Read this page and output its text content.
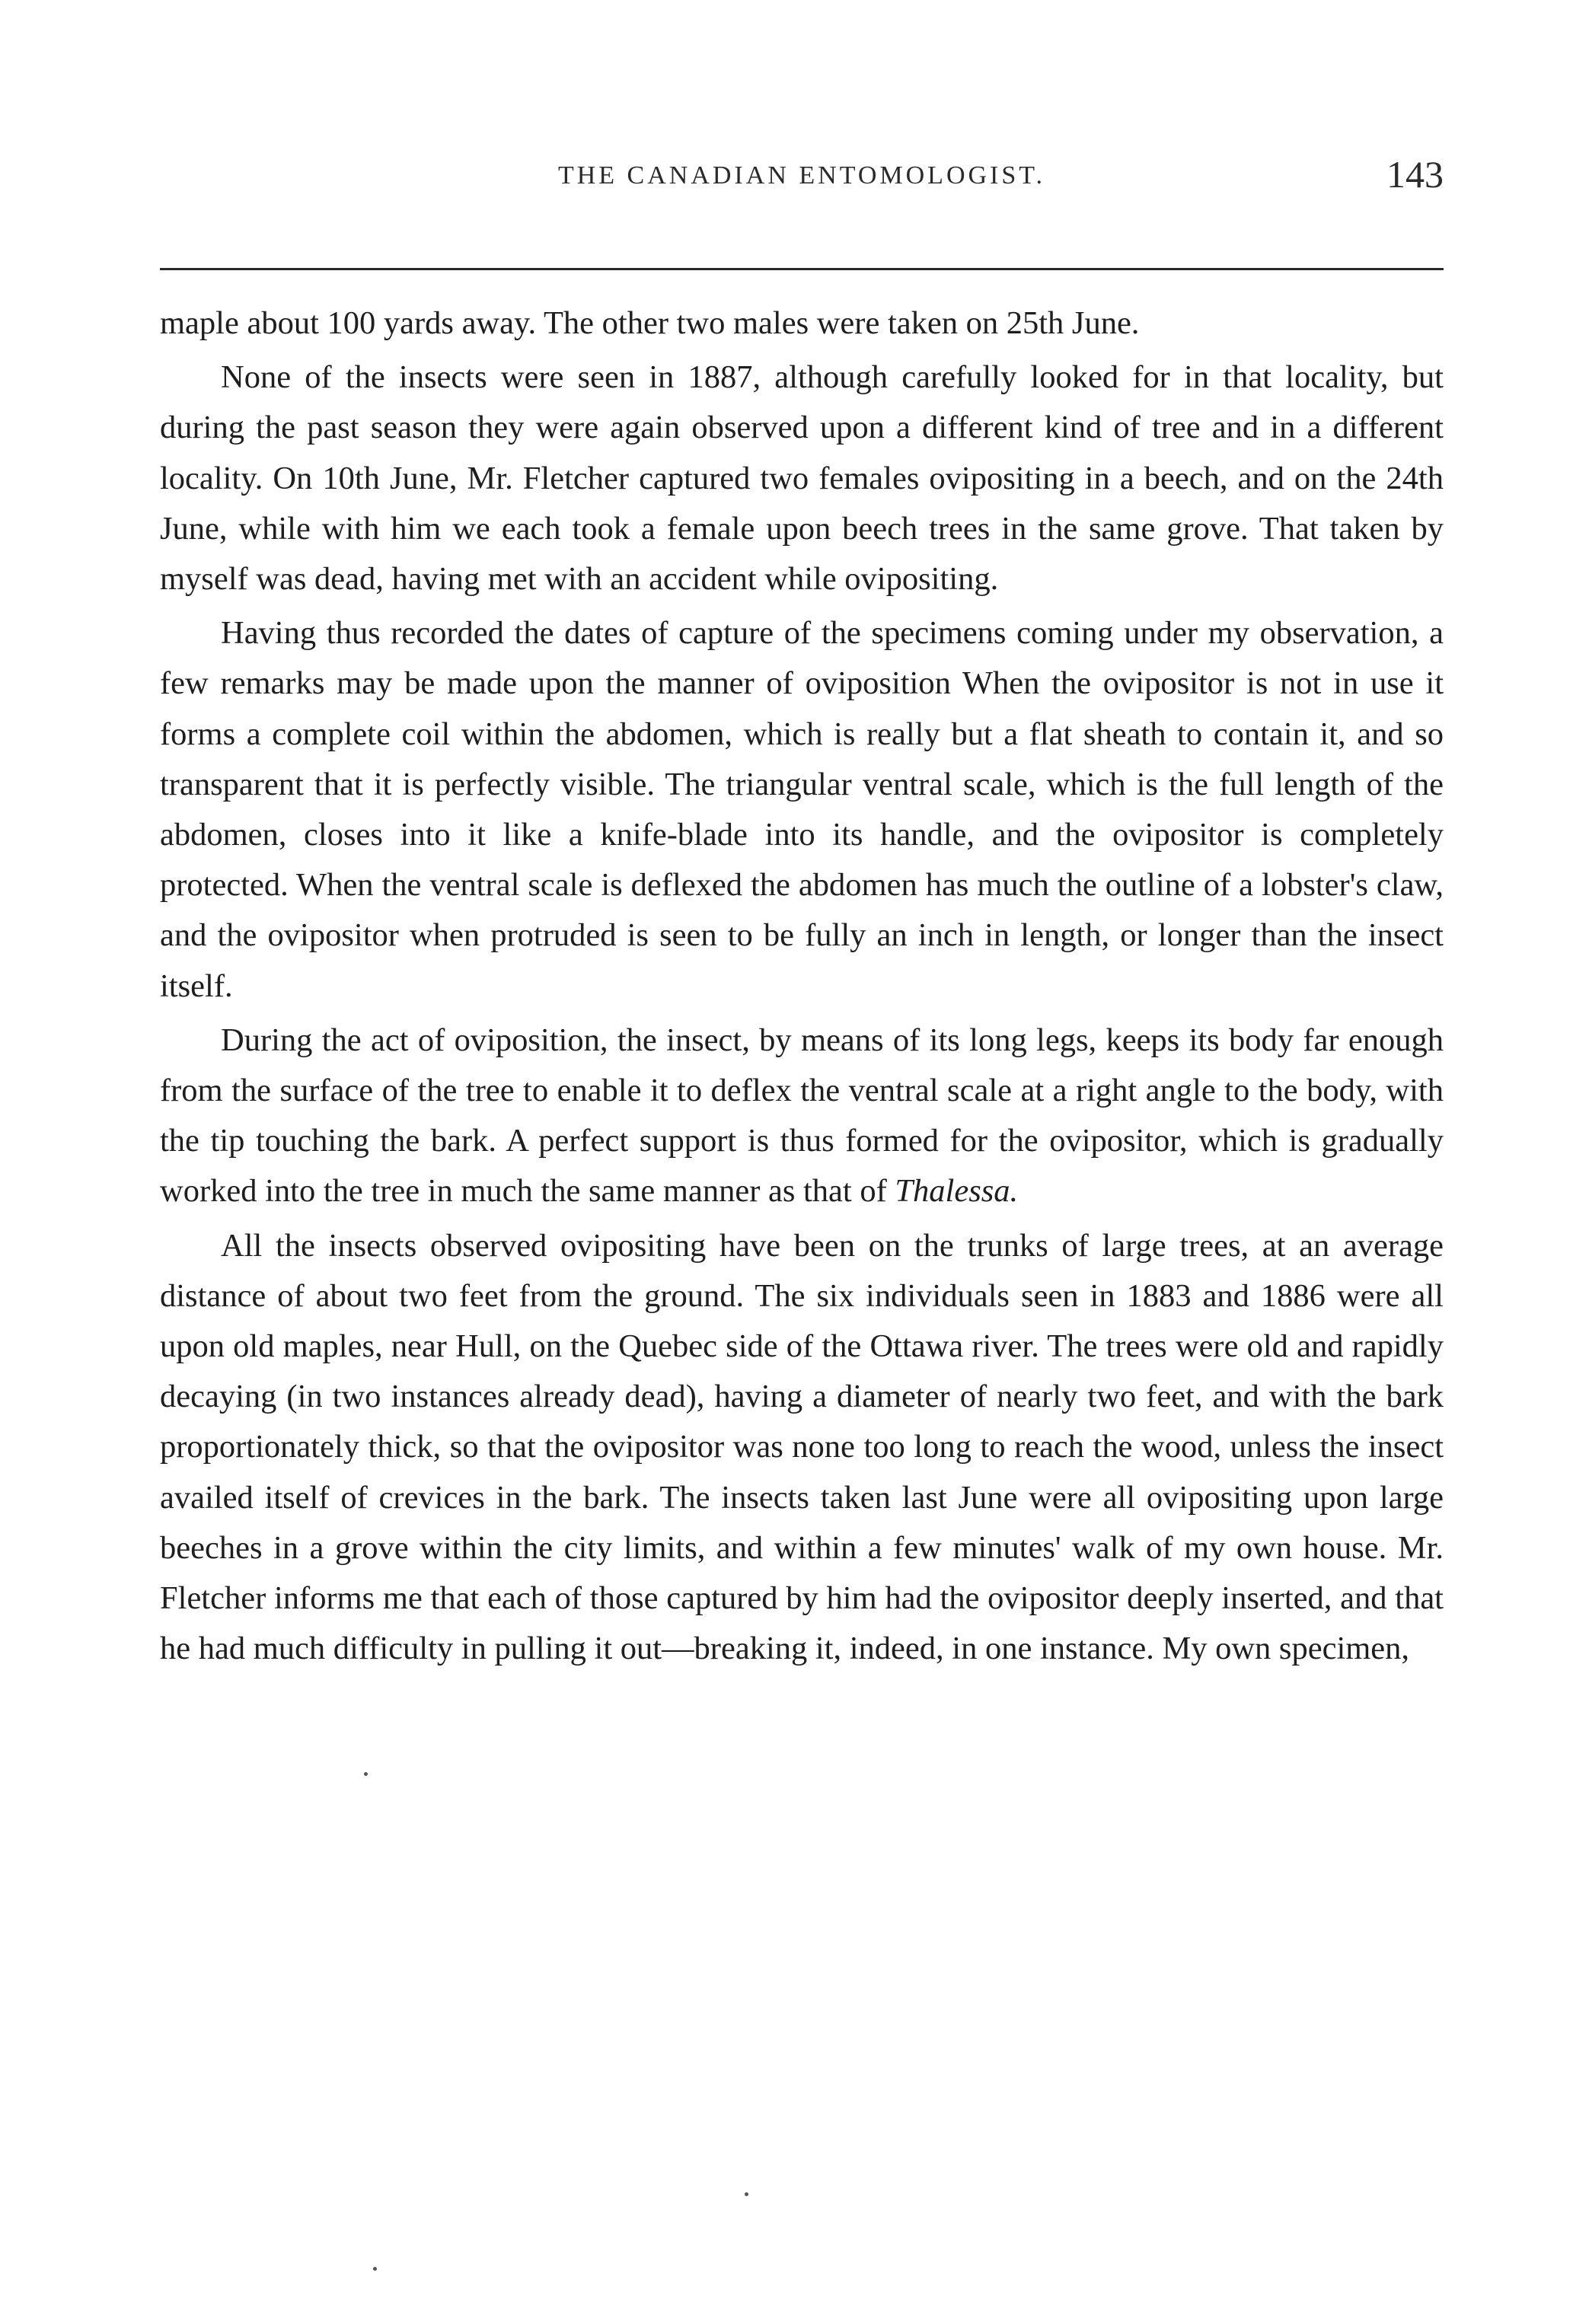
THE CANADIAN ENTOMOLOGIST.	143

maple about 100 yards away. The other two males were taken on 25th June.

None of the insects were seen in 1887, although carefully looked for in that locality, but during the past season they were again observed upon a different kind of tree and in a different locality. On 10th June, Mr. Fletcher captured two females ovipositing in a beech, and on the 24th June, while with him we each took a female upon beech trees in the same grove. That taken by myself was dead, having met with an accident while ovipositing.

Having thus recorded the dates of capture of the specimens coming under my observation, a few remarks may be made upon the manner of oviposition When the ovipositor is not in use it forms a complete coil within the abdomen, which is really but a flat sheath to contain it, and so transparent that it is perfectly visible. The triangular ventral scale, which is the full length of the abdomen, closes into it like a knife-blade into its handle, and the ovipositor is completely protected. When the ventral scale is deflexed the abdomen has much the outline of a lobster's claw, and the ovipositor when protruded is seen to be fully an inch in length, or longer than the insect itself.

During the act of oviposition, the insect, by means of its long legs, keeps its body far enough from the surface of the tree to enable it to deflex the ventral scale at a right angle to the body, with the tip touching the bark. A perfect support is thus formed for the ovipositor, which is gradually worked into the tree in much the same manner as that of Thalessa.

All the insects observed ovipositing have been on the trunks of large trees, at an average distance of about two feet from the ground. The six individuals seen in 1883 and 1886 were all upon old maples, near Hull, on the Quebec side of the Ottawa river. The trees were old and rapidly decaying (in two instances already dead), having a diameter of nearly two feet, and with the bark proportionately thick, so that the ovipositor was none too long to reach the wood, unless the insect availed itself of crevices in the bark. The insects taken last June were all ovipositing upon large beeches in a grove within the city limits, and within a few minutes' walk of my own house. Mr. Fletcher informs me that each of those captured by him had the ovipositor deeply inserted, and that he had much difficulty in pulling it out—breaking it, indeed, in one instance. My own specimen,
